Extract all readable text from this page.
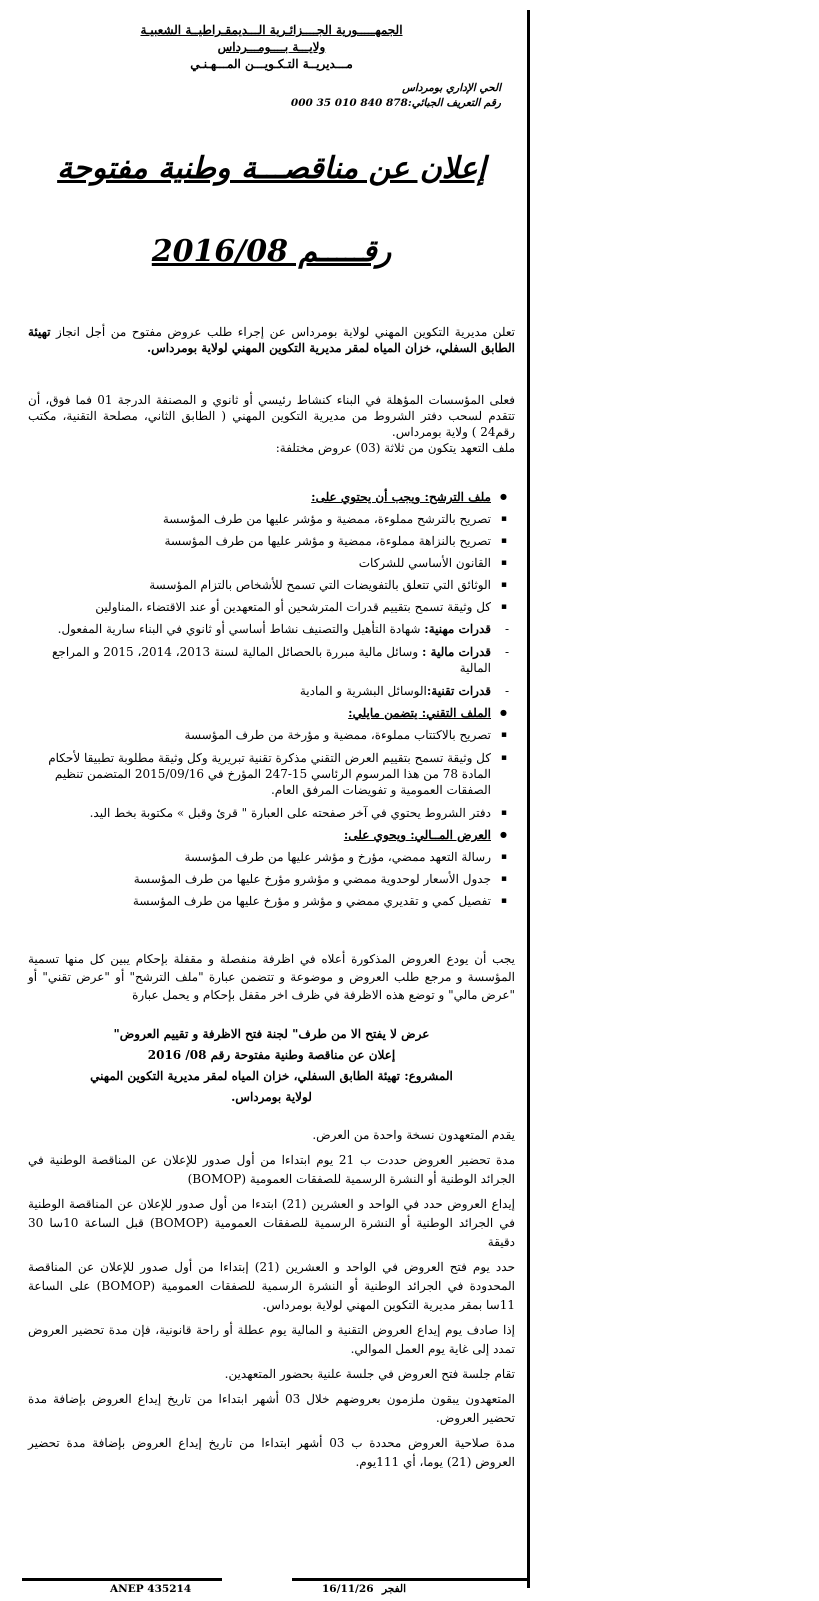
الجمهـــــورية الجــــزائـرية الـــديمقـراطيــة الشعبيـة
ولايـــة بــــومـــرداس
مـــديريــة التـكـويـــن المـــهـنـي
الحي الإداري بومرداس
رقم التعريف الجبائي:878 840 010 35 000
إعلان عن مناقصـــة وطنية مفتوحة
رقـــــم 2016/08

تعلن مديرية التكوين المهني لولاية بومرداس عن إجراء طلب عروض مفتوح من أجل انجاز تهيئة الطابق السفلي، خزان المياه لمقر مديرية التكوين المهني لولاية بومرداس.

فعلى المؤسسات المؤهلة في البناء كنشاط رئيسي أو ثانوي و المصنفة الدرجة 01 فما فوق، أن تتقدم لسحب دفتر الشروط من مديرية التكوين المهني ( الطابق الثاني، مصلحة التقنية، مكتب رقم24 ) ولاية بومرداس.

ملف التعهد يتكون من ثلاثة (03) عروض مختلفة:

● ملف الترشح: ويجب أن يحتوي على:
▪ تصريح بالترشح مملوءة، ممضية و مؤشر عليها من طرف المؤسسة
▪ تصريح بالنزاهة مملوءة، ممضية و مؤشر عليها من طرف المؤسسة
▪ القانون الأساسي للشركات
▪ الوثائق التي تتعلق بالتفويضات التي تسمح للأشخاص بالتزام المؤسسة
▪ كل وثيقة تسمح بتقييم قدرات المترشحين أو المتعهدين أو عند الاقتضاء ،المناولين
- قدرات مهنية: شهادة التأهيل والتصنيف نشاط أساسي أو ثانوي في البناء سارية المفعول.
- قدرات مالية : وسائل مالية مبررة بالحصائل المالية لسنة 2013، 2014، 2015 و المراجع المالية
- قدرات تقنية:الوسائل البشرية و المادية
● الملف التقني: يتضمن مايلي:
▪ تصريح بالاكتتاب مملوءة، ممضية و مؤرخة من طرف المؤسسة
▪ كل وثيقة تسمح بتقييم العرض التقني مذكرة تقنية تبريرية وكل وثيقة مطلوبة تطبيقا لأحكام المادة 78 من هذا المرسوم الرئاسي 15-247 المؤرخ في 2015/09/16 المتضمن تنظيم الصفقات العمومية و تفويضات المرفق العام.
▪ دفتر الشروط يحتوي في آخر صفحته على العبارة " قرئ وقبل » مكتوبة بخط اليد.
● العرض المــالي: ويحوي على:
▪ رسالة التعهد ممضي، مؤرخ و مؤشر عليها من طرف المؤسسة
▪ جدول الأسعار لوحدوية ممضي و مؤشرو مؤرخ عليها من طرف المؤسسة
▪ تفصيل كمي و تقديري ممضي و مؤشر و مؤرخ عليها من طرف المؤسسة

يجب أن يودع العروض المذكورة أعلاه في اظرفة منفصلة و مقفلة بإحكام يبين كل منها تسمية المؤسسة و مرجع طلب العروض و موضوعة و تتضمن عبارة "ملف الترشح" أو "عرض تقني" أو "عرض مالي" و توضع هذه الاظرفة في ظرف اخر مقفل بإحكام و يحمل عبارة

عرض لا يفتح الا من طرف" لجنة فتح الاظرفة و تقييم العروض"
إعلان عن مناقصة وطنية مفتوحة رقم 08/ 2016
المشروع: تهيئة الطابق السفلي، خزان المياه لمقر مديرية التكوين المهني
لولاية بومرداس.

يقدم المتعهدون نسخة واحدة من العرض.

مدة تحضير العروض حددت ب 21 يوم ابتداءا من أول صدور للإعلان عن المناقصة الوطنية في الجرائد الوطنية أو النشرة الرسمية للصفقات العمومية (BOMOP)

إيداع العروض حدد في الواحد و العشرين (21) ابتدءا من أول صدور للإعلان عن المناقصة الوطنية في الجرائد الوطنية أو النشرة الرسمية للصفقات العمومية (BOMOP) قبل الساعة 10سا 30 دقيقة

حدد يوم فتح العروض في الواحد و العشرين (21) إبتداءا من أول صدور للإعلان عن المناقصة المحدودة في الجرائد الوطنية أو النشرة الرسمية للصفقات العمومية (BOMOP) على الساعة 11سا بمقر مديرية التكوين المهني لولاية بومرداس.

إذا صادف يوم إيداع العروض التقنية و المالية يوم عطلة أو راحة قانونية، فإن مدة تحضير العروض تمدد إلى غاية يوم العمل الموالي.

تقام جلسة فتح العروض في جلسة علنية بحضور المتعهدين.

المتعهدون يبقون ملزمون بعروضهم خلال 03 أشهر ابتداءا من تاريخ إيداع العروض بإضافة مدة تحضير العروض.

مدة صلاحية العروض محددة ب 03 أشهر ابتداءا من تاريخ إيداع العروض بإضافة مدة تحضير العروض (21) يوما، أي 111يوم.

ANEP 435214	16/11/26 الفجر
